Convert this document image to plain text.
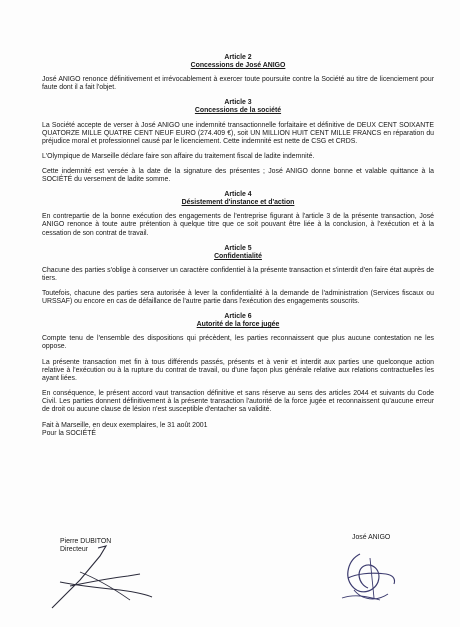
Article 2
Concessions de José ANIGO

José ANIGO renonce définitivement et irrévocablement à exercer toute poursuite contre la Société au titre de licenciement pour faute dont il a fait l'objet.

Article 3
Concessions de la société

La Société accepte de verser à José ANIGO une indemnité transactionnelle forfaitaire et définitive de DEUX CENT SOIXANTE QUATORZE MILLE QUATRE CENT NEUF EURO (274.409 €), soit UN MILLION HUIT CENT MILLE FRANCS en réparation du préjudice moral et professionnel causé par le licenciement. Cette indemnité est nette de CSG et CRDS.

L'Olympique de Marseille déclare faire son affaire du traitement fiscal de ladite indemnité.

Cette indemnité est versée à la date de la signature des présentes ; José ANIGO donne bonne et valable quittance à la SOCIÉTÉ du versement de ladite somme.

Article 4
Désistement d'instance et d'action

En contrepartie de la bonne exécution des engagements de l'entreprise figurant à l'article 3 de la présente transaction, José ANIGO renonce à toute autre prétention à quelque titre que ce soit pouvant être liée à la conclusion, à l'exécution et à la cessation de son contrat de travail.

Article 5
Confidentialité

Chacune des parties s'oblige à conserver un caractère confidentiel à la présente transaction et s'interdit d'en faire état auprès de tiers.

Toutefois, chacune des parties sera autorisée à lever la confidentialité à la demande de l'administration (Services fiscaux ou URSSAF) ou encore en cas de défaillance de l'autre partie dans l'exécution des engagements souscrits.

Article 6
Autorité de la force jugée

Compte tenu de l'ensemble des dispositions qui précèdent, les parties reconnaissent que plus aucune contestation ne les oppose.

La présente transaction met fin à tous différends passés, présents et à venir et interdit aux parties une quelconque action relative à l'exécution ou à la rupture du contrat de travail, ou d'une façon plus générale relative aux relations contractuelles les ayant liées.

En conséquence, le présent accord vaut transaction définitive et sans réserve au sens des articles 2044 et suivants du Code Civil. Les parties donnent définitivement à la présente transaction l'autorité de la force jugée et reconnaissent qu'aucune erreur de droit ou aucune clause de lésion n'est susceptible d'entacher sa validité.

Fait à Marseille, en deux exemplaires, le 31 août 2001

Pour la SOCIÉTÉ

Pierre DUBITON
Directeur
José ANIGO
